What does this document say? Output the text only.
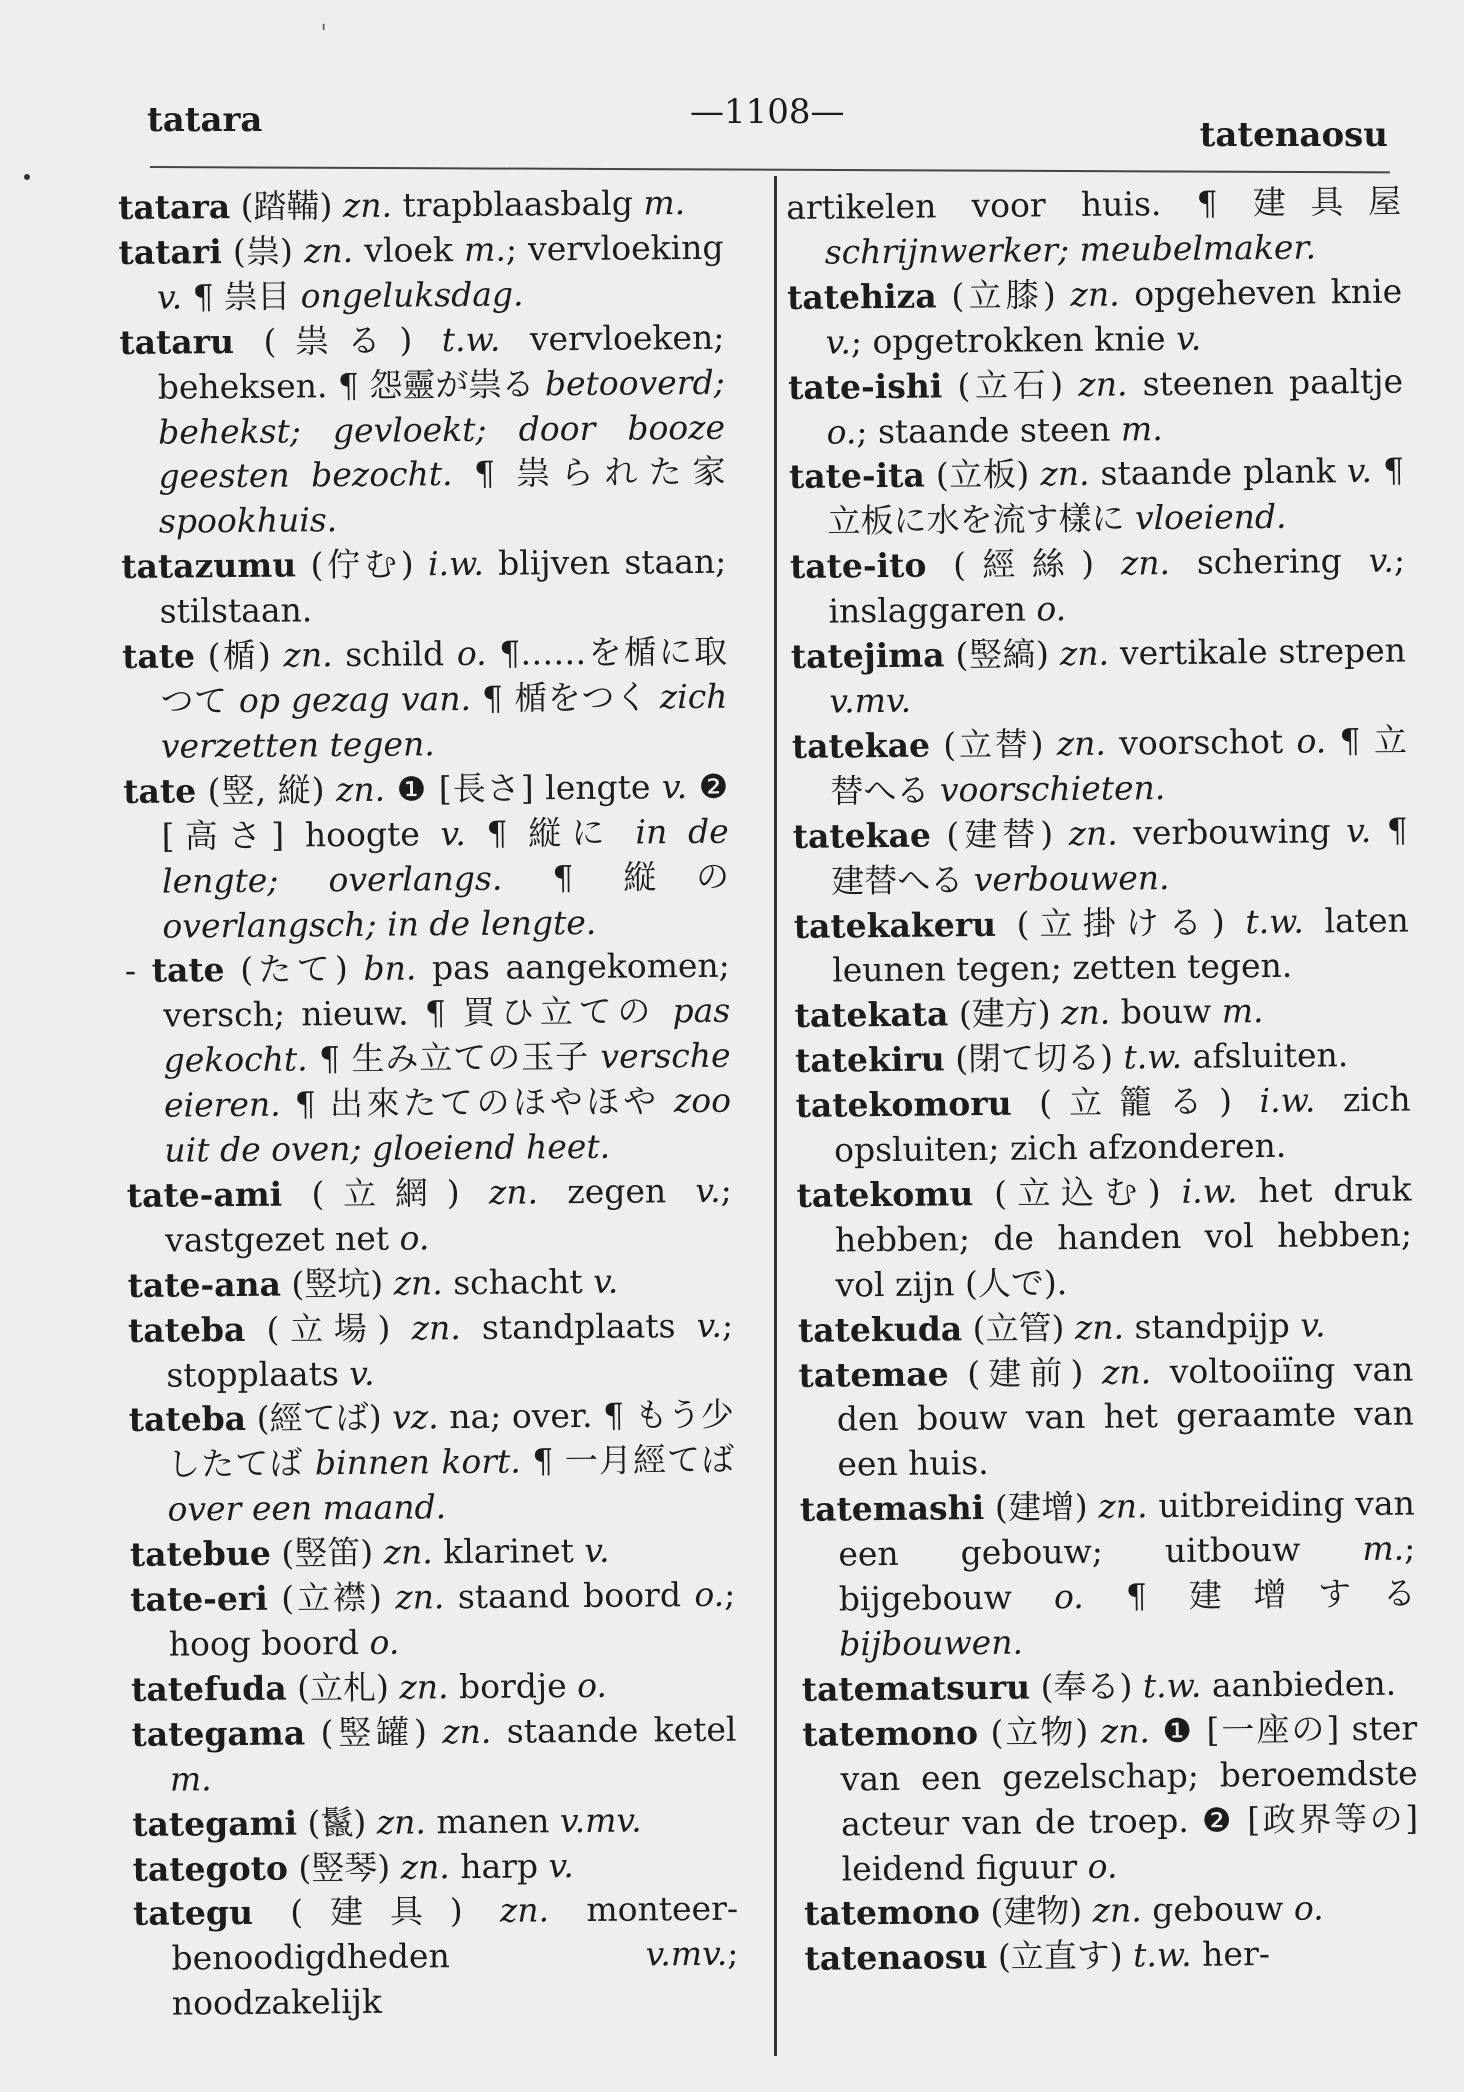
ˌ
tatara	—1108—
tatenaosu
tatara (踏鞴) zn. trapblaasbalg m.
tatari (祟) zn. vloek m.; vervloeking v. ¶ 祟目 ongeluksdag.
tataru (祟る) t.w. vervloeken; beheksen. ¶ 怨靈が祟る betooverd; behekst; gevloekt; door booze geesten bezocht. ¶ 祟られた家 spookhuis.
tatazumu (佇む) i.w. blijven staan; stilstaan.
tate (楯) zn. schild o. ¶……を楯に取つて op gezag van. ¶ 楯をつく zich verzetten tegen.
tate (竪, 縦) zn. ❶ [長さ] lengte v. ❷ [高さ] hoogte v. ¶ 縦に in de lengte; overlangs. ¶ 縦の overlangsch; in de lengte.
- tate (たて) bn. pas aangekomen; versch; nieuw. ¶ 買ひ立ての pas gekocht. ¶ 生み立ての玉子 versche eieren. ¶ 出來たてのほやほや zoo uit de oven; gloeiend heet.
tate-ami (立網) zn. zegen v.; vastgezet net o.
tate-ana (竪坑) zn. schacht v.
tateba (立場) zn. standplaats v.; stopplaats v.
tateba (經てば) vz. na; over. ¶ もう少したてば binnen kort. ¶ 一月經てば over een maand.
tatebue (竪笛) zn. klarinet v.
tate-eri (立襟) zn. staand boord o.; hoog boord o.
tatefuda (立札) zn. bordje o.
tategama (竪罐) zn. staande ketel m.
tategami (鬣) zn. manen v.mv.
tategoto (竪琴) zn. harp v.
tategu (建具) zn. monteer-benoodigdheden v.mv.; noodzakelijk
artikelen voor huis. ¶ 建具屋 schrijnwerker; meubelmaker.
tatehiza (立膝) zn. opgeheven knie v.; opgetrokken knie v.
tate-ishi (立石) zn. steenen paaltje o.; staande steen m.
tate-ita (立板) zn. staande plank v. ¶ 立板に水を流す樣に vloeiend.
tate-ito (經絲) zn. schering v.; inslaggaren o.
tatejima (竪縞) zn. vertikale strepen v.mv.
tatekae (立替) zn. voorschot o. ¶ 立替へる voorschieten.
tatekae (建替) zn. verbouwing v. ¶ 建替へる verbouwen.
tatekakeru (立掛ける) t.w. laten leunen tegen; zetten tegen.
tatekata (建方) zn. bouw m.
tatekiru (閉て切る) t.w. afsluiten.
tatekomoru (立籠る) i.w. zich opsluiten; zich afzonderen.
tatekomu (立込む) i.w. het druk hebben; de handen vol hebben; vol zijn (人で).
tatekuda (立管) zn. standpijp v.
tatemae (建前) zn. voltooiïng van den bouw van het geraamte van een huis.
tatemashi (建增) zn. uitbreiding van een gebouw; uitbouw m.; bijgebouw o. ¶ 建增する bijbouwen.
tatematsuru (奉る) t.w. aanbieden.
tatemono (立物) zn. ❶ [一座の] ster van een gezelschap; beroemdste acteur van de troep. ❷ [政界等の] leidend figuur o.
tatemono (建物) zn. gebouw o.
tatenaosu (立直す) t.w. her-
